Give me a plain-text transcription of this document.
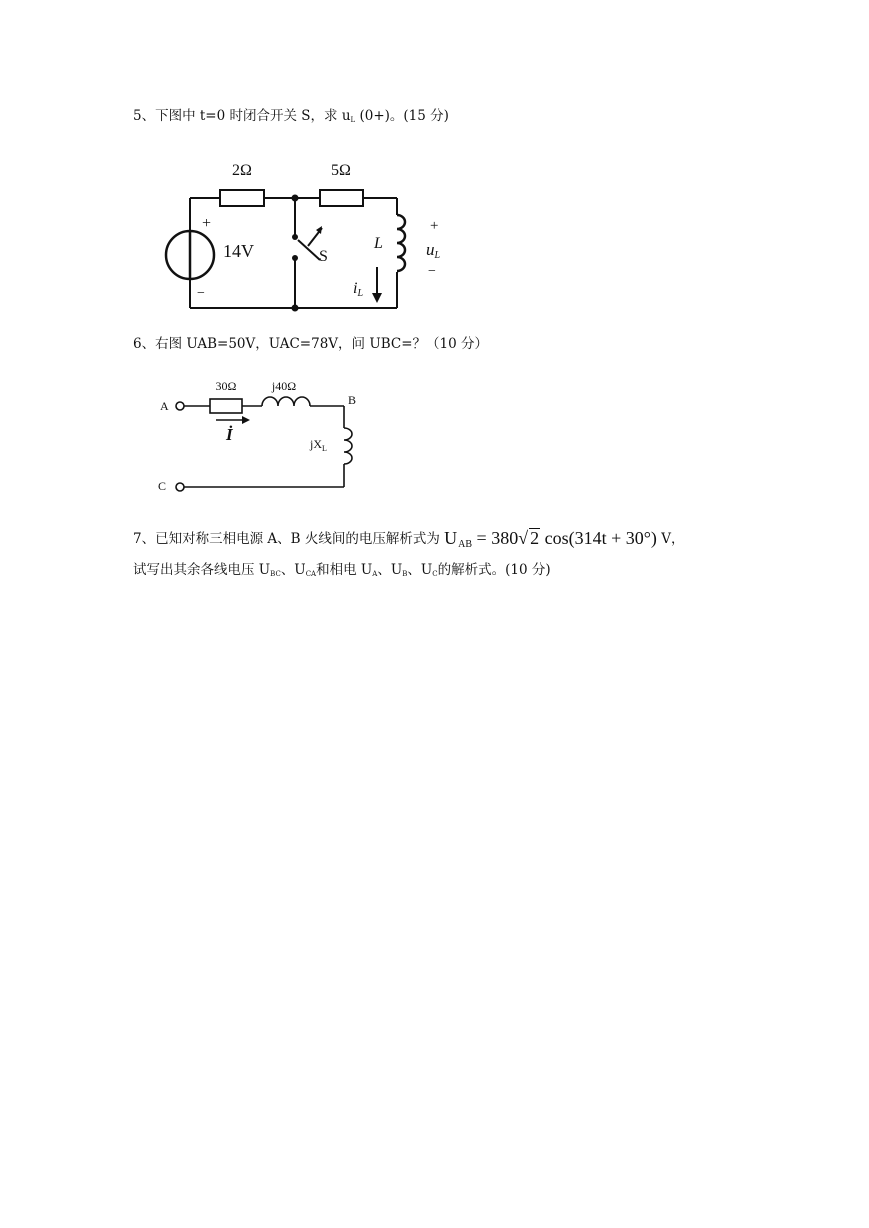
5、下图中 t=0 时闭合开关 S，求 $u_L$ (0+)。(15 分)
2Ω	5Ω
+
−
14V	S
L
iL
+
uL
−
6、右图 UAB=50V，UAC=78V，问 UBC=？（10 分）
A	B
C
30Ω	j40Ω
$jX_L$
İ
7、已知对称三相电源 A、B 火线间的电压解析式为 UAB = 380√ 2 cos(314t + 30°) V，
试写出其余各线电压 $U_{BC}$、$U_{CA}$和相电 $U_A$、$U_B$、$U_C$的解析式。(10 分)
